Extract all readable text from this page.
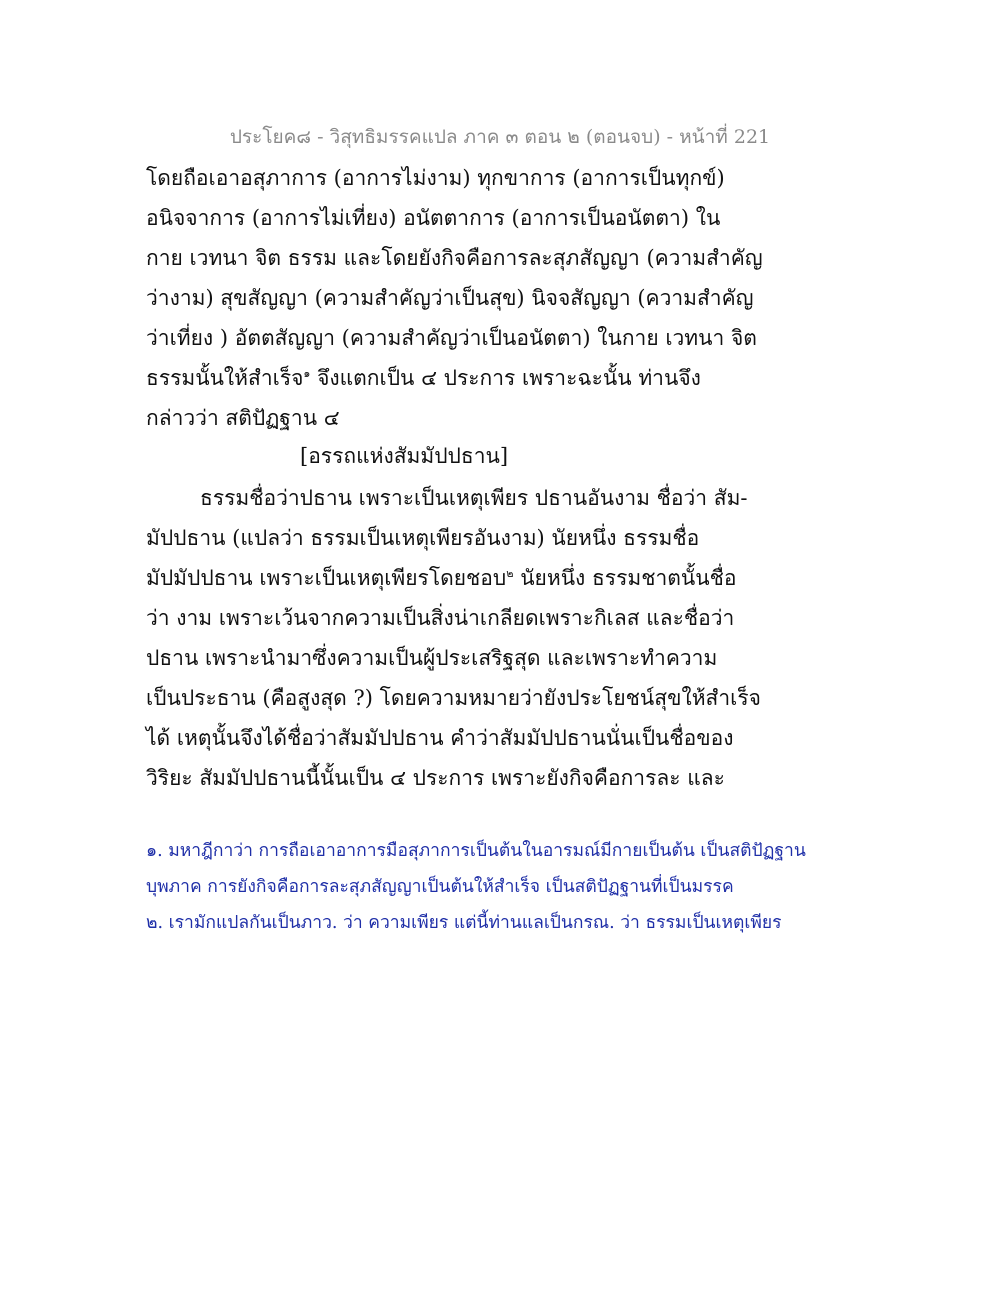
ประโยค๘ - วิสุทธิมรรคแปล ภาค ๓ ตอน ๒ (ตอนจบ) - หน้าที่ 221
โดยถือเอาอสุภาการ (อาการไม่งาม) ทุกขาการ (อาการเป็นทุกข์)
อนิจจาการ (อาการไม่เที่ยง) อนัตตาการ (อาการเป็นอนัตตา) ใน
กาย เวทนา จิต ธรรม และโดยยังกิจคือการละสุภสัญญา (ความสำคัญ
ว่างาม) สุขสัญญา (ความสำคัญว่าเป็นสุข) นิจจสัญญา (ความสำคัญ
ว่าเที่ยง ) อัตตสัญญา (ความสำคัญว่าเป็นอนัตตา) ในกาย เวทนา จิต
ธรรมนั้นให้สำเร็จ$^๑$ จึงแตกเป็น ๔ ประการ เพราะฉะนั้น ท่านจึง
กล่าวว่า สติปัฏฐาน ๔
[อรรถแห่งสัมมัปปธาน]
ธรรมชื่อว่าปธาน เพราะเป็นเหตุเพียร ปธานอันงาม ชื่อว่า สัม-
มัปปธาน (แปลว่า ธรรมเป็นเหตุเพียรอันงาม) นัยหนึ่ง ธรรมชื่อ
มัปมัปปธาน เพราะเป็นเหตุเพียรโดยชอบ$^๒$ นัยหนึ่ง ธรรมชาตนั้นชื่อ
ว่า งาม เพราะเว้นจากความเป็นสิ่งน่าเกลียดเพราะกิเลส และชื่อว่า
ปธาน เพราะนำมาซึ่งความเป็นผู้ประเสริฐสุด และเพราะทำความ
เป็นประธาน (คือสูงสุด ?) โดยความหมายว่ายังประโยชน์สุขให้สำเร็จ
ได้ เหตุนั้นจึงได้ชื่อว่าสัมมัปปธาน คำว่าสัมมัปปธานนั่นเป็นชื่อของ
วิริยะ สัมมัปปธานนี้นั้นเป็น ๔ ประการ เพราะยังกิจคือการละ และ
๑. มหาฎีกาว่า การถือเอาอาการมือสุภาการเป็นต้นในอารมณ์มีกายเป็นต้น เป็นสติปัฏฐาน
บุพภาค การยังกิจคือการละสุภสัญญาเป็นต้นให้สำเร็จ เป็นสติปัฏฐานที่เป็นมรรค
๒. เรามักแปลกันเป็นภาว. ว่า ความเพียร แต่นี้ท่านแลเป็นกรณ. ว่า ธรรมเป็นเหตุเพียร
